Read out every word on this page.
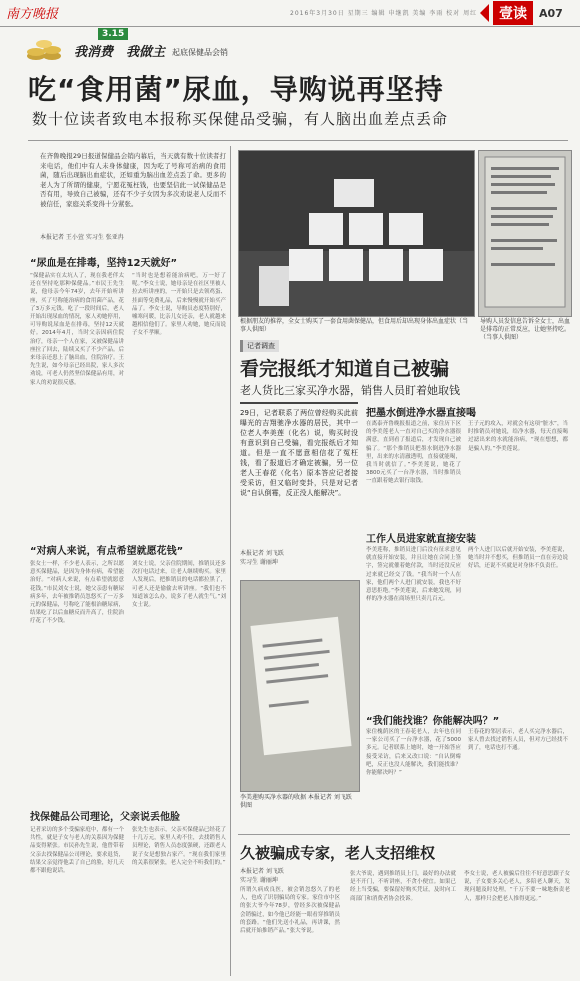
南方晚报	2016年3月30日 星期三 编辑 申继凯 美编 李雨 校对 周红	壹读	A07
3.15
我消费 我做主 起底保健品会销
吃“食用菌”尿血，导购说再坚持
数十位读者致电本报称买保健品受骗，有人脑出血差点丢命
在齐鲁晚报29日报道保健品会销内幕后，当天就有数十位读者打来电话，他们中有人未身体健康，因为吃了号称可治病的食用菌，随后出现脑出血症状，还如重为脑出血差点丢了命。更多的老人为了所谓的健康，宁愿花冤枉钱，也要坚信此一试保健品是否有用，导致自己被骗，还有不少子女因为多次劝说老人反而不被信任，家庭关系变得十分紧张。
本报记者 王小萱 实习生 张亚冉
“尿血是在排毒，坚持12天就好”
“保健品实在太坑人了，现在我老伴太还在坚持吃那种保健品。”市民王先生说，他母亲今年74岁，去年开始听讲座，买了号称能治病的食用菌产品，花了3万多元钱。吃了一段时间后，老人开始出现尿血的情况，家人劝她停用，可导购说尿血是在排毒，坚持12天就好。2014年4月，当时父亲因病住院治疗，母亲一个人在家，又被保健品讲座拉了回去，陆续又买了不少产品。后来母亲还患上了脑出血，住院治疗。王先生说，如今母亲已经出院，家人多次劝说，可老人仍然坚信保健品有用，对家人的劝说很反感。
“当时也是想着能治病吧，万一好了呢。”李女士说，她母亲是在社区里被人拉去听讲座的，一开始只是去领鸡蛋、挂面等免费礼品，后来慢慢就开始买产品了。李女士说，导购员态度特别好，嘘寒问暖，比亲儿女还亲，老人就越来越相信他们了。家里人劝她，她反而说子女不孝顺。
“对病人来说，有点希望就愿花钱”
张女士一样，不少老人表示，之所以愿意买保健品，是因为身体有病，希望能治好。“对病人来说，有点希望就愿意花钱。”市民刘女士说，她父亲患有糖尿病多年，去年被推销员忽悠买了一万多元的保健品，号称吃了能根治糖尿病，结果吃了以后血糖反而升高了，住院治疗花了不少钱。
刘女士说，父亲住院期间，推销员还多次打电话过来，让老人继续购买。家里人发现后，把推销员的电话都拉黑了，可老人还是偷偷去听讲座。“我们也不知道该怎么办，说多了老人就生气。”刘女士说。
找保健品公司理论，父亲说丢他脸
记者采访的多个受骗家庭中，都有一个共性，就是子女与老人的关系因为保健品变得紧张。市民孙先生说，他曾带着父亲去找保健品公司理论，要求退货，结果父亲觉得他丢了自己的脸，好几天都不跟他说话。
张先生也表示，父亲买保健品已经花了十几万元，家里人劝不住，去找销售人员理论，销售人员态度强硬，还跟老人说子女是想独占家产。“现在我们家里的关系很紧张，老人完全不听我们的。”
根据朋友的推荐，全女士购买了一套食用菌保健品，但食用后却出现身体出血症状（当事人供图）
导购人员发信息告诉全女士，出血是排毒的正常反应，让她坚持吃。（当事人供图）
记者调查
看完报纸才知道自己被骗
老人货比三家买净水器，销售人员盯着她取钱
29日，记者联系了两位曾经购买此前曝光的吉翔驰净水器的居民，其中一位老人李美莲（化名）说，购买时没有意识到自己受骗，看完报纸后才知道。但是一直不愿意相信花了冤枉钱，看了报道后才确定被骗，另一位老人王春花（化名）原本答应记者接受采访，但又临时变卦，只是对记者说“自认倒霉，反正没人能解决”。
本报记者 刘飞跃
实习生 谢丽坤
李美莲购买净水器的收据 本报记者 刘飞跃 供图
把墨水倒进净水器直接喝
在离泰齐鲁晚报报道之前，家住历下区的李美莲老人一直对自己买的净水器很满意，直到看了报道后，才发现自己被骗了。“那个推销员把墨水倒进净水器里，出来的水清澈透明，直接就能喝，我当时就信了。”李美莲说，她花了3800元买了一台净水器，当时推销员一直跟着她去银行取钱。
王子元的攻入，对就会有这项“脏水”，当时推销员对她说，给净水器，每天直接喝过滤出来的水就能治病，“现在想想，都是骗人的。”李美莲说。
工作人员进家就直接安装
李美莲称，推销员进门后没有征求意见就直接开始安装，并且让她在合同上签字，签完就催着她付款，当时还没反应过来就已经交了钱。“我当时一个人在家，他们两个人进门就安装，我也不好意思拒绝。”李美莲说，后来她发现，同样的净水器在商场里只卖几百元。
两个人进门以后就开始安装，李美莲说，她当时并不想买，但推销员一直在旁边说好话，还说不买就是对身体不负责任。
“我们能找谁？你能解决吗？”
家住槐荫区的王春花老人，去年也在同一家公司买了一台净水器，花了5000多元。记者联系上她时，她一开始答应接受采访，后来又改口说：“自认倒霉吧，反正也没人能解决，我们能找谁？你能解决吗？”
王春花的邻居表示，老人买完净水器后，家人曾去找过销售人员，但对方已经找不到了，电话也打不通。
久被骗成专家，老人支招维权
本报记者 刘飞跃
实习生 谢丽坤
所谓久病成良医，被会销忽悠久了的老人，也成了识别骗局的专家。家住市中区的张大爷今年78岁，曾经多次被保健品会销骗过，如今他已经能一眼看穿推销员的套路。“他们先送小礼品，再讲课，然后就开始推销产品。”张大爷说。
张大爷说，遇到推销员上门，最好的办法就是不开门，不听讲座，不贪小便宜。如果已经上当受骗，要保留好购买凭证，及时向工商部门和消费者协会投诉。
李女士说，老人被骗后往往不好意思跟子女说，子女要多关心老人，多陪老人聊天，发现问题及时处理，“千万不要一味地指责老人，那样只会把老人推得更远。”
